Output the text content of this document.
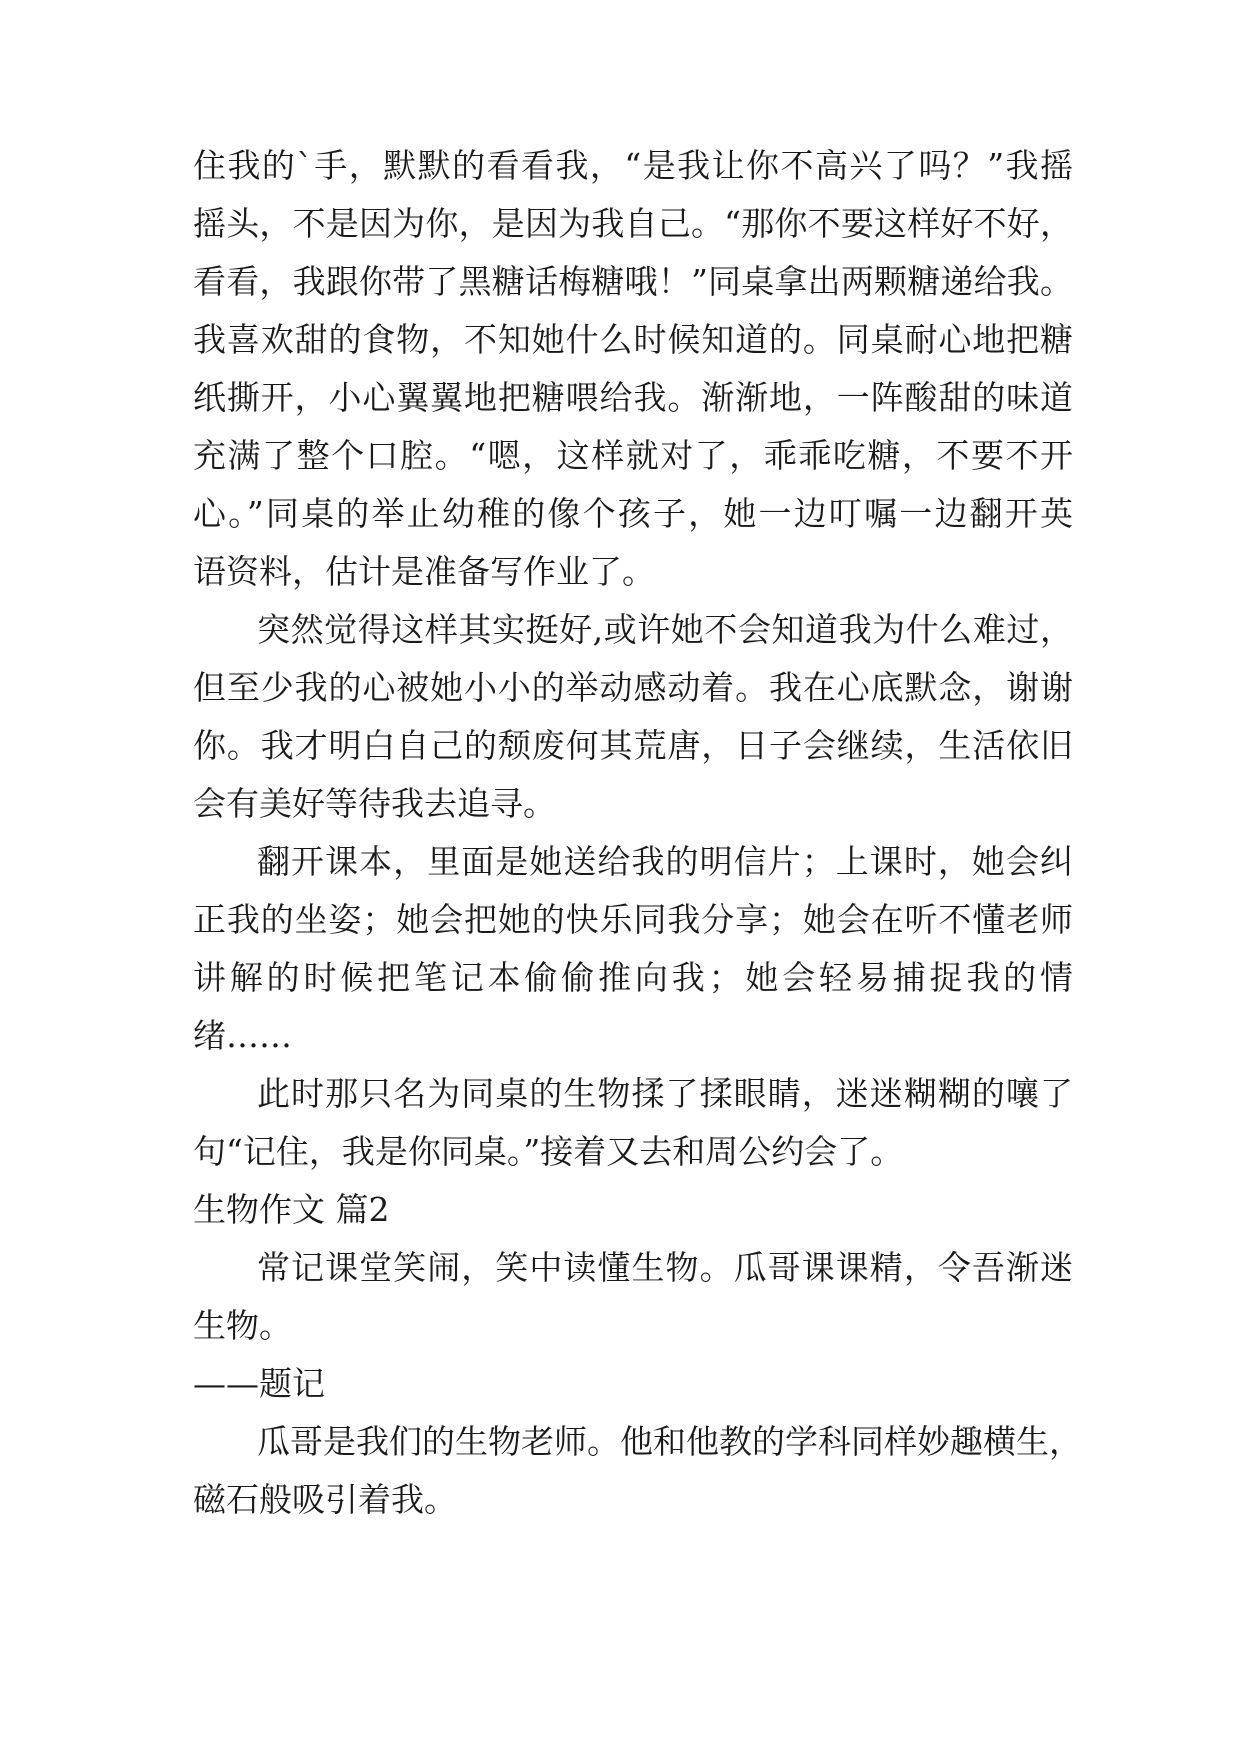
住我的`手，默默的看看我，“是我让你不高兴了吗？”我摇
摇头，不是因为你，是因为我自己。“那你不要这样好不好，
看看，我跟你带了黑糖话梅糖哦！”同桌拿出两颗糖递给我。
我喜欢甜的食物，不知她什么时候知道的。同桌耐心地把糖
纸撕开，小心翼翼地把糖喂给我。渐渐地，一阵酸甜的味道
充满了整个口腔。“嗯，这样就对了，乖乖吃糖，不要不开
心。”同桌的举止幼稚的像个孩子，她一边叮嘱一边翻开英
语资料，估计是准备写作业了。
突然觉得这样其实挺好,或许她不会知道我为什么难过，
但至少我的心被她小小的举动感动着。我在心底默念，谢谢
你。我才明白自己的颓废何其荒唐，日子会继续，生活依旧
会有美好等待我去追寻。
翻开课本，里面是她送给我的明信片；上课时，她会纠
正我的坐姿；她会把她的快乐同我分享；她会在听不懂老师
讲解的时候把笔记本偷偷推向我；她会轻易捕捉我的情
绪……
此时那只名为同桌的生物揉了揉眼睛，迷迷糊糊的嚷了
句“记住，我是你同桌。”接着又去和周公约会了。
生物作文 篇2
常记课堂笑闹，笑中读懂生物。瓜哥课课精，令吾渐迷
生物。
——题记
瓜哥是我们的生物老师。他和他教的学科同样妙趣横生，
磁石般吸引着我。
